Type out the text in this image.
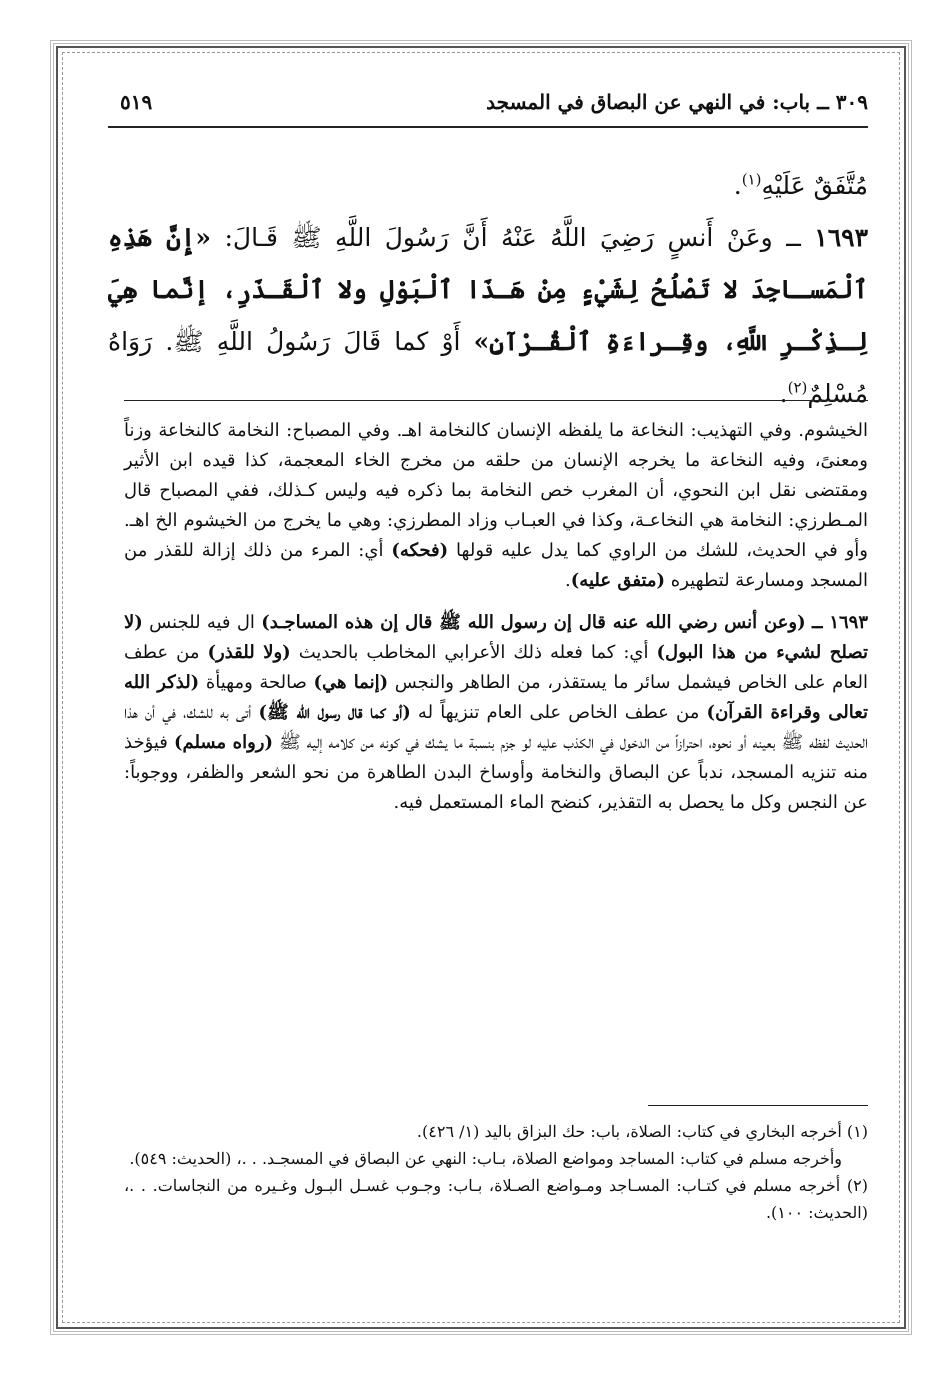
٣٠٩ ــ باب: في النهي عن البصاق في المسجد
٥١٩

مُتَّفَقٌ عَلَيْهِ$^{(١)}$.

١٦٩٣ ــ وعَنْ أَنسٍ رَضِيَ اللَّهُ عَنْهُ أَنَّ رَسُولَ اللَّهِ ﷺ قَـالَ: «إِنَّ هَذِهِ ٱلْمَسـاجِدَ لا تَصْلُحُ لِشَيْءٍ مِنْ هَـذَا ٱلْبَوْلِ ولا ٱلْقَـذَرِ، إنَّما هِيَ لِـذِكْـرِ اللَّهِ، وقِـراءَةِ ٱلْقُـرْآنِ» أَوْ كما قَالَ رَسُولُ اللَّهِ ﷺ. رَوَاهُ مُسْلِمٌ$^{(٢)}$.

الخيشوم. وفي التهذيب: النخاعة ما يلفظه الإنسان كالنخامة اهـ. وفي المصباح: النخامة كالنخاعة وزناً ومعنىً، وفيه النخاعة ما يخرجه الإنسان من حلقه من مخرج الخاء المعجمة، كذا قيده ابن الأثير ومقتضى نقل ابن النحوي، أن المغرب خص النخامة بما ذكره فيه وليس كـذلك، ففي المصباح قال المـطرزي: النخامة هي النخاعـة، وكذا في العبـاب وزاد المطرزي: وهي ما يخرج من الخيشوم الخ اهـ. وأو في الحديث، للشك من الراوي كما يدل عليه قولها (فحكه) أي: المرء من ذلك إزالة للقذر من المسجد ومسارعة لتطهيره (متفق عليه).

١٦٩٣ ــ (وعن أنس رضي الله عنه قال إن رسول الله ﷺ قال إن هذه المساجـد) ال فيه للجنس (لا تصلح لشيء من هذا البول) أي: كما فعله ذلك الأعرابي المخاطب بالحديث (ولا للقذر) من عطف العام على الخاص فيشمل سائر ما يستقذر، من الطاهر والنجس (إنما هي) صالحة ومهيأة (لذكر الله تعالى وقراءة القرآن) من عطف الخاص على العام تنزيهاً له (أو كما قال رسول الله ﷺ) أتى به للشك، في أن هذا الحديث لفظه ﷺ بعينه أو نحوه، احترازاً من الدخول في الكذب عليه لو جزم بنسبة ما يشك في كونه من كلامه إليه ﷺ (رواه مسلم) فيؤخذ منه تنزيه المسجد، ندباً عن البصاق والنخامة وأوساخ البدن الطاهرة من نحو الشعر والظفر، ووجوباً: عن النجس وكل ما يحصل به التقذير، كنضح الماء المستعمل فيه.

(١) أخرجه البخاري في كتاب: الصلاة، باب: حك البزاق باليد (١/ ٤٢٦).

وأخرجه مسلم في كتاب: المساجد ومواضع الصلاة، بـاب: النهي عن البصاق في المسجـد. . .، (الحديث: ٥٤٩).

(٢) أخرجه مسلم في كتـاب: المسـاجد ومـواضع الصـلاة، بـاب: وجـوب غسـل البـول وغـيره من النجاسات. . .، (الحديث: ١٠٠).
